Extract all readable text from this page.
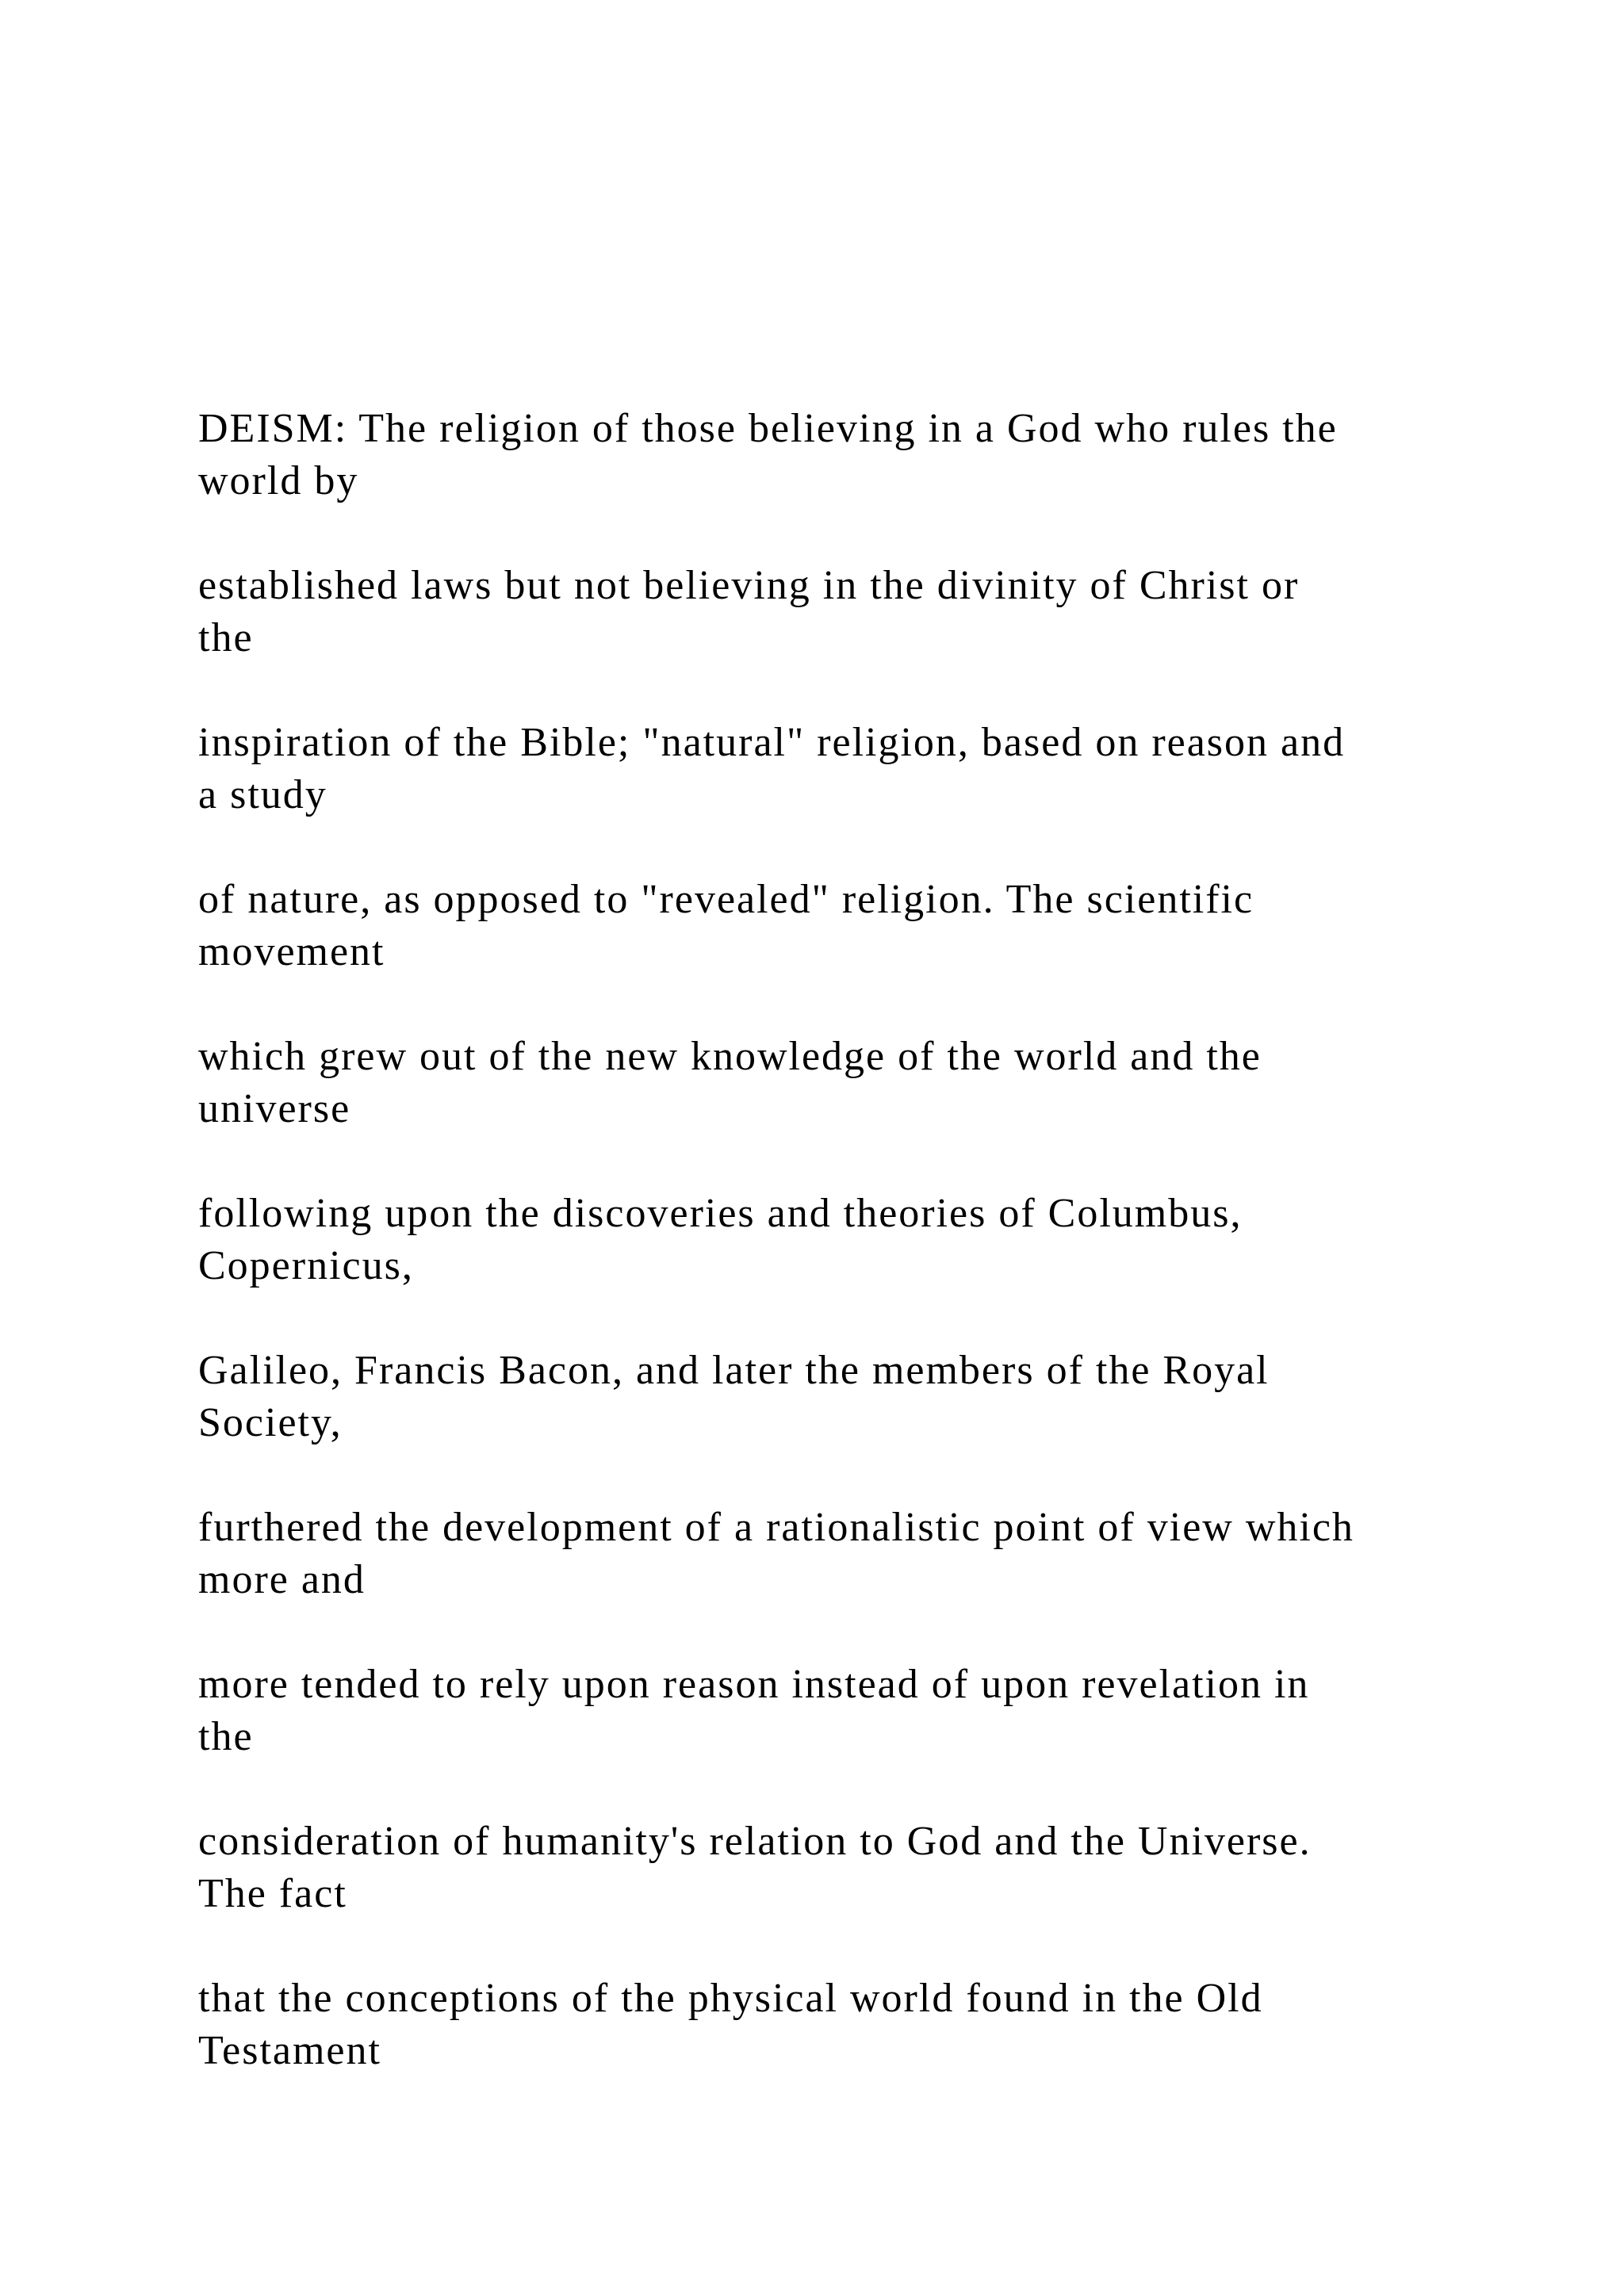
DEISM: The religion of those believing in a God who rules the
world by

established laws but not believing in the divinity of Christ or
the

inspiration of the Bible; "natural" religion, based on reason and
a study

of nature, as opposed to "revealed" religion. The scientific
movement

which grew out of the new knowledge of the world and the
universe

following upon the discoveries and theories of Columbus,
Copernicus,

Galileo, Francis Bacon, and later the members of the Royal
Society,

furthered the development of a rationalistic point of view which
more and

more tended to rely upon reason instead of upon revelation in
the

consideration of humanity's relation to God and the Universe.
The fact

that the conceptions of the physical world found in the Old
Testament
